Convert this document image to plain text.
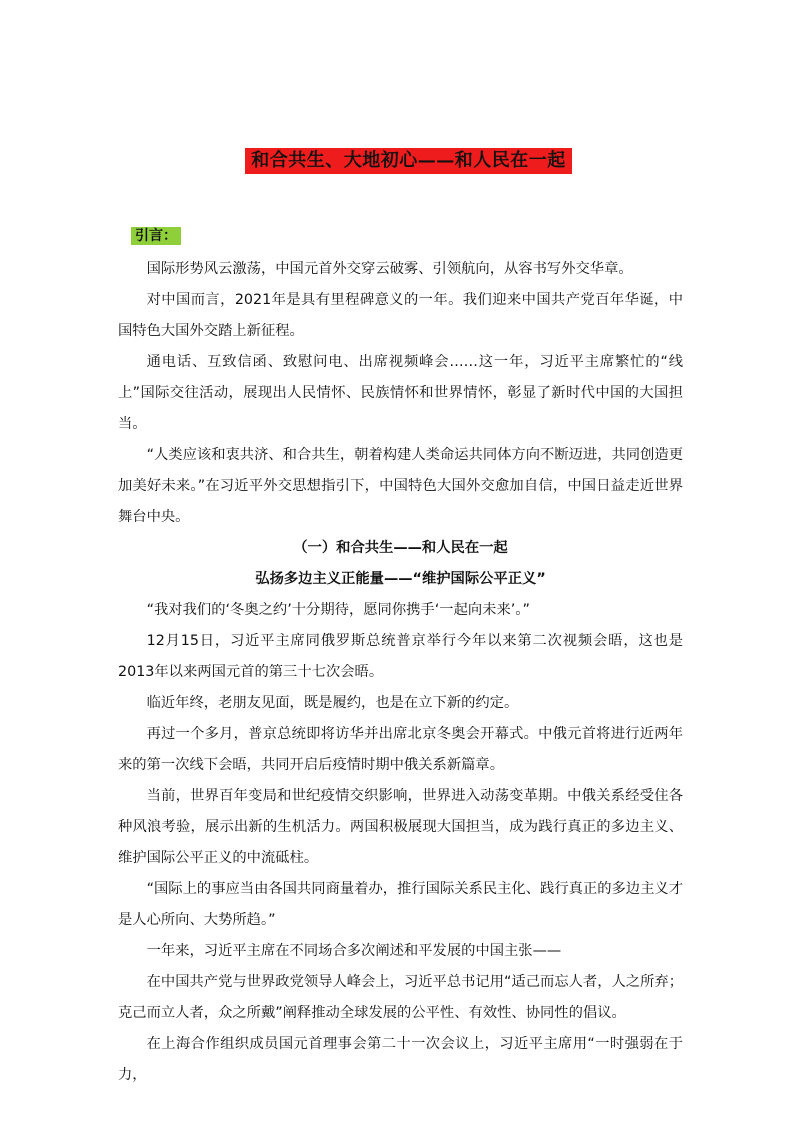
和合共生、大地初心——和人民在一起
引言：

国际形势风云激荡，中国元首外交穿云破雾、引领航向，从容书写外交华章。

对中国而言，2021年是具有里程碑意义的一年。我们迎来中国共产党百年华诞，中国特色大国外交踏上新征程。

通电话、互致信函、致慰问电、出席视频峰会……这一年，习近平主席繁忙的“线上”国际交往活动，展现出人民情怀、民族情怀和世界情怀，彰显了新时代中国的大国担当。

“人类应该和衷共济、和合共生，朝着构建人类命运共同体方向不断迈进，共同创造更加美好未来。”在习近平外交思想指引下，中国特色大国外交愈加自信，中国日益走近世界舞台中央。

（一）和合共生——和人民在一起

弘扬多边主义正能量——“维护国际公平正义”

“我对我们的‘冬奥之约’十分期待，愿同你携手‘一起向未来’。”

12月15日，习近平主席同俄罗斯总统普京举行今年以来第二次视频会晤，这也是2013年以来两国元首的第三十七次会晤。

临近年终，老朋友见面，既是履约，也是在立下新的约定。

再过一个多月，普京总统即将访华并出席北京冬奥会开幕式。中俄元首将进行近两年来的第一次线下会晤，共同开启后疫情时期中俄关系新篇章。

当前，世界百年变局和世纪疫情交织影响，世界进入动荡变革期。中俄关系经受住各种风浪考验，展示出新的生机活力。两国积极展现大国担当，成为践行真正的多边主义、维护国际公平正义的中流砥柱。

“国际上的事应当由各国共同商量着办，推行国际关系民主化、践行真正的多边主义才是人心所向、大势所趋。”

一年来，习近平主席在不同场合多次阐述和平发展的中国主张——

在中国共产党与世界政党领导人峰会上，习近平总书记用“适己而忘人者，人之所弃；克己而立人者，众之所戴”阐释推动全球发展的公平性、有效性、协同性的倡议。

在上海合作组织成员国元首理事会第二十一次会议上，习近平主席用“一时强弱在于力，
